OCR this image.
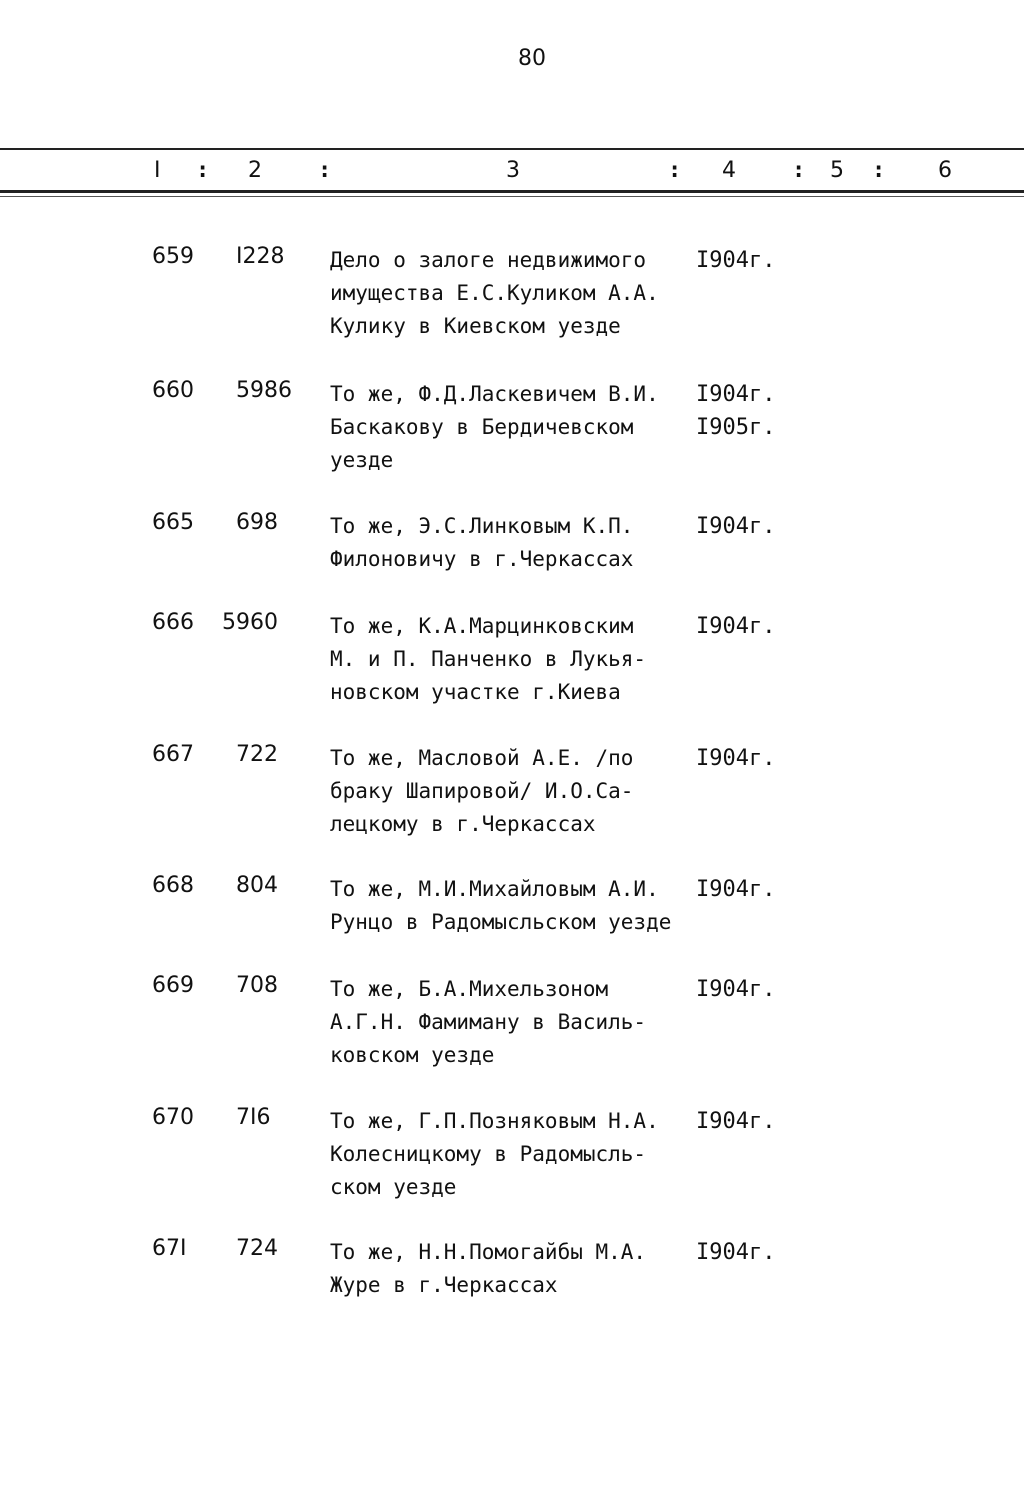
80
I : 2	:	3	: 4	: 5 : 6
659 I228 Дело о залоге недвижимого
имущества Е.С.Куликом А.А.
Кулику в Киевском уезде
I904г.
660 5986 То же, Ф.Д.Ласкевичем В.И.
Баскакову в Бердичевском
уезде
I904г.
I905г.
665 698 То же, Э.С.Линковым К.П.
Филоновичу в г.Черкассах
I904г.
666 5960 То же, К.А.Марцинковским
М. и П. Панченко в Лукья-
новском участке г.Киева
I904г.
667 722 То же, Масловой А.Е. /по
браку Шапировой/ И.О.Са-
лецкому в г.Черкассах
I904г.
668 804 То же, М.И.Михайловым А.И.
Рунцо в Радомысльском уезде
I904г.
669 708 То же, Б.А.Михельзоном
А.Г.Н. Фамиману в Василь-
ковском уезде
I904г.
670 7I6	То же, Г.П.Позняковым Н.А.
Колесницкому в Радомысль-
ском уезде
I904г.
67I 724 То же, Н.Н.Помогайбы М.А.
Журе в г.Черкассах
I904г.
